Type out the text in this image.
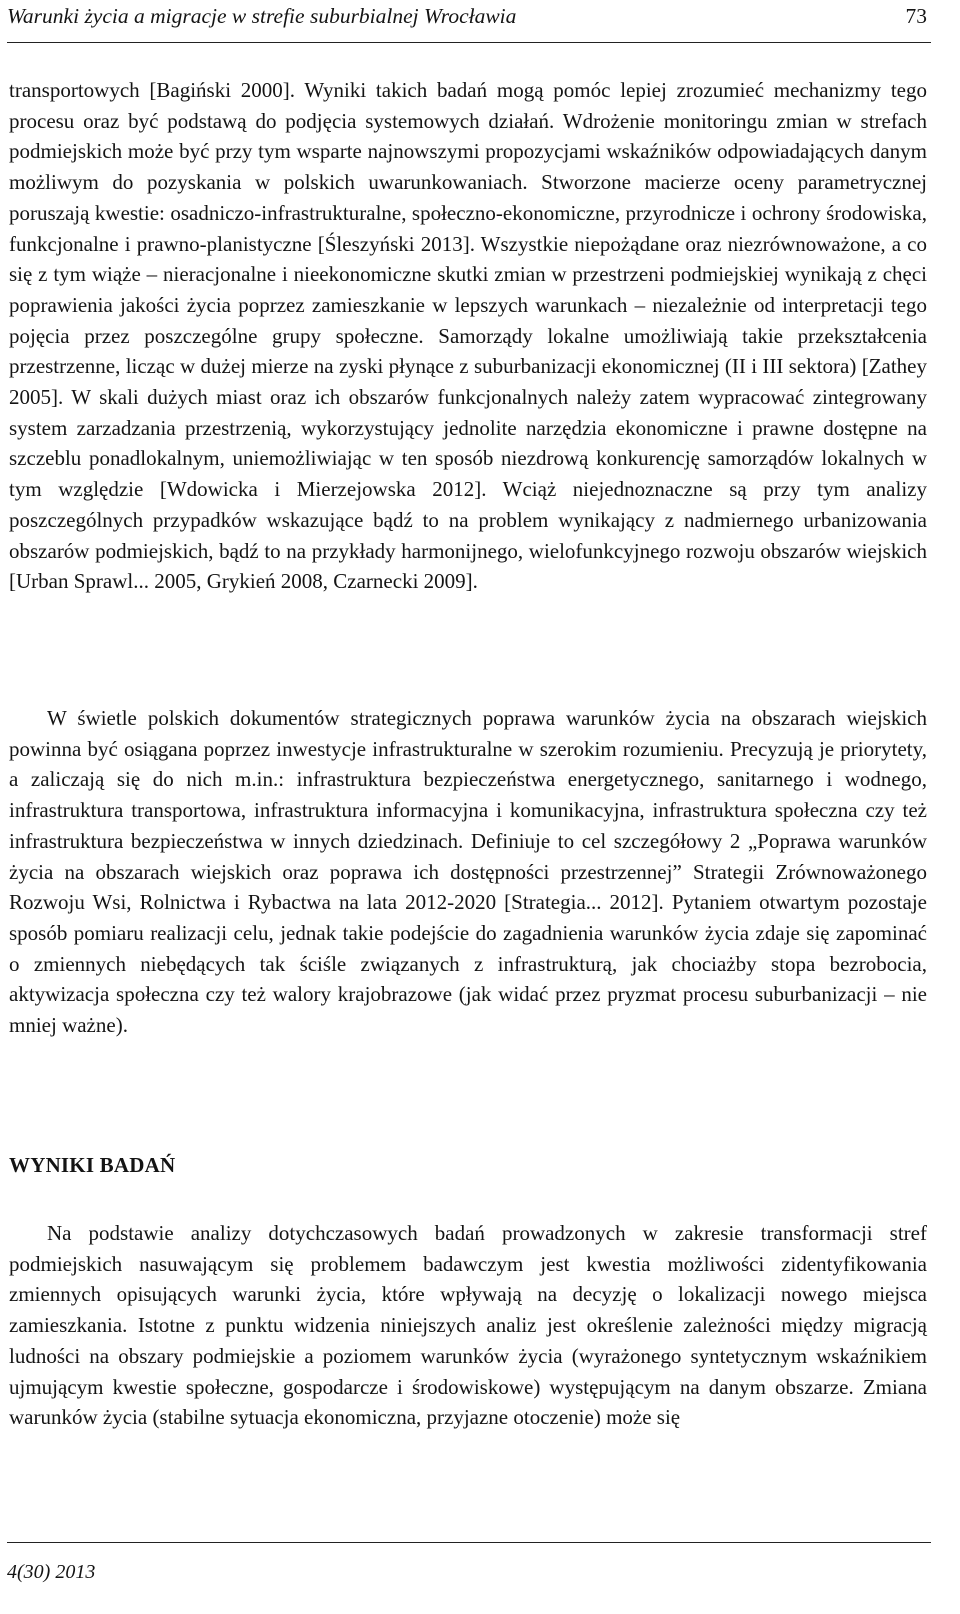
Warunki życia a migracje w strefie suburbialnej Wrocławia	73

transportowych [Bagiński 2000]. Wyniki takich badań mogą pomóc lepiej zrozumieć mechanizmy tego procesu oraz być podstawą do podjęcia systemowych działań. Wdrożenie monitoringu zmian w strefach podmiejskich może być przy tym wsparte najnowszymi propozycjami wskaźników odpowiadających danym możliwym do pozyskania w polskich uwarunkowaniach. Stworzone macierze oceny parametrycznej poruszają kwestie: osadniczo-infrastrukturalne, społeczno-ekonomiczne, przyrodnicze i ochrony środowiska, funkcjonalne i prawno-planistyczne [Śleszyński 2013]. Wszystkie niepożądane oraz niezrównoważone, a co się z tym wiąże – nieracjonalne i nieekonomiczne skutki zmian w przestrzeni podmiejskiej wynikają z chęci poprawienia jakości życia poprzez zamieszkanie w lepszych warunkach – niezależnie od interpretacji tego pojęcia przez poszczególne grupy społeczne. Samorządy lokalne umożliwiają takie przekształcenia przestrzenne, licząc w dużej mierze na zyski płynące z suburbanizacji ekonomicznej (II i III sektora) [Zathey 2005]. W skali dużych miast oraz ich obszarów funkcjonalnych należy zatem wypracować zintegrowany system zarzadzania przestrzenią, wykorzystujący jednolite narzędzia ekonomiczne i prawne dostępne na szczeblu ponadlokalnym, uniemożliwiając w ten sposób niezdrową konkurencję samorządów lokalnych w tym względzie [Wdowicka i Mierzejowska 2012]. Wciąż niejednoznaczne są przy tym analizy poszczególnych przypadków wskazujące bądź to na problem wynikający z nadmiernego urbanizowania obszarów podmiejskich, bądź to na przykłady harmonijnego, wielofunkcyjnego rozwoju obszarów wiejskich [Urban Sprawl... 2005, Grykień 2008, Czarnecki 2009].

W świetle polskich dokumentów strategicznych poprawa warunków życia na obszarach wiejskich powinna być osiągana poprzez inwestycje infrastrukturalne w szerokim rozumieniu. Precyzują je priorytety, a zaliczają się do nich m.in.: infrastruktura bezpieczeństwa energetycznego, sanitarnego i wodnego, infrastruktura transportowa, infrastruktura informacyjna i komunikacyjna, infrastruktura społeczna czy też infrastruktura bezpieczeństwa w innych dziedzinach. Definiuje to cel szczegółowy 2 „Poprawa warunków życia na obszarach wiejskich oraz poprawa ich dostępności przestrzennej” Strategii Zrównoważonego Rozwoju Wsi, Rolnictwa i Rybactwa na lata 2012-2020 [Strategia... 2012]. Pytaniem otwartym pozostaje sposób pomiaru realizacji celu, jednak takie podejście do zagadnienia warunków życia zdaje się zapominać o zmiennych niebędących tak ściśle związanych z infrastrukturą, jak chociażby stopa bezrobocia, aktywizacja społeczna czy też walory krajobrazowe (jak widać przez pryzmat procesu suburbanizacji – nie mniej ważne).

WYNIKI BADAŃ

Na podstawie analizy dotychczasowych badań prowadzonych w zakresie transformacji stref podmiejskich nasuwającym się problemem badawczym jest kwestia możliwości zidentyfikowania zmiennych opisujących warunki życia, które wpływają na decyzję o lokalizacji nowego miejsca zamieszkania. Istotne z punktu widzenia niniejszych analiz jest określenie zależności między migracją ludności na obszary podmiejskie a poziomem warunków życia (wyrażonego syntetycznym wskaźnikiem ujmującym kwestie społeczne, gospodarcze i środowiskowe) występującym na danym obszarze. Zmiana warunków życia (stabilne sytuacja ekonomiczna, przyjazne otoczenie) może się

4(30) 2013
